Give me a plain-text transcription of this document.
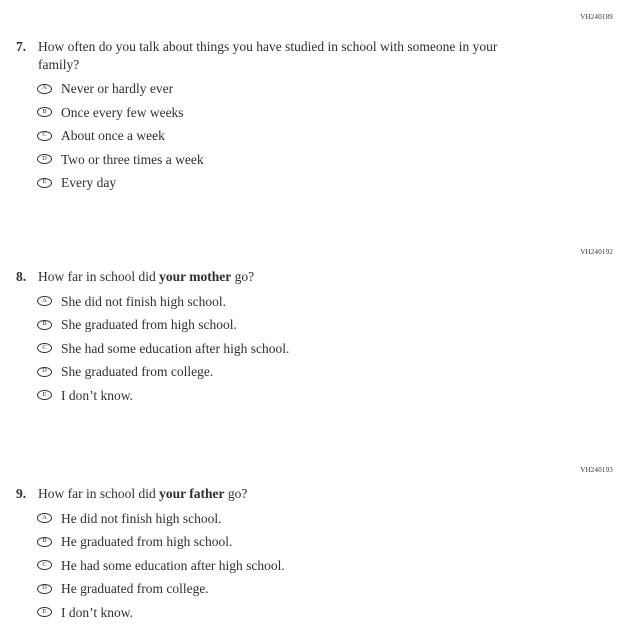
VH240189
VH240192
VH240193
7. How often do you talk about things you have studied in school with someone in your family?
A Never or hardly ever
B Once every few weeks
C About once a week
D Two or three times a week
E Every day
8. How far in school did your mother go?
A She did not finish high school.
B She graduated from high school.
C She had some education after high school.
D She graduated from college.
E I don’t know.
9. How far in school did your father go?
A He did not finish high school.
B He graduated from high school.
C He had some education after high school.
D He graduated from college.
E I don’t know.
